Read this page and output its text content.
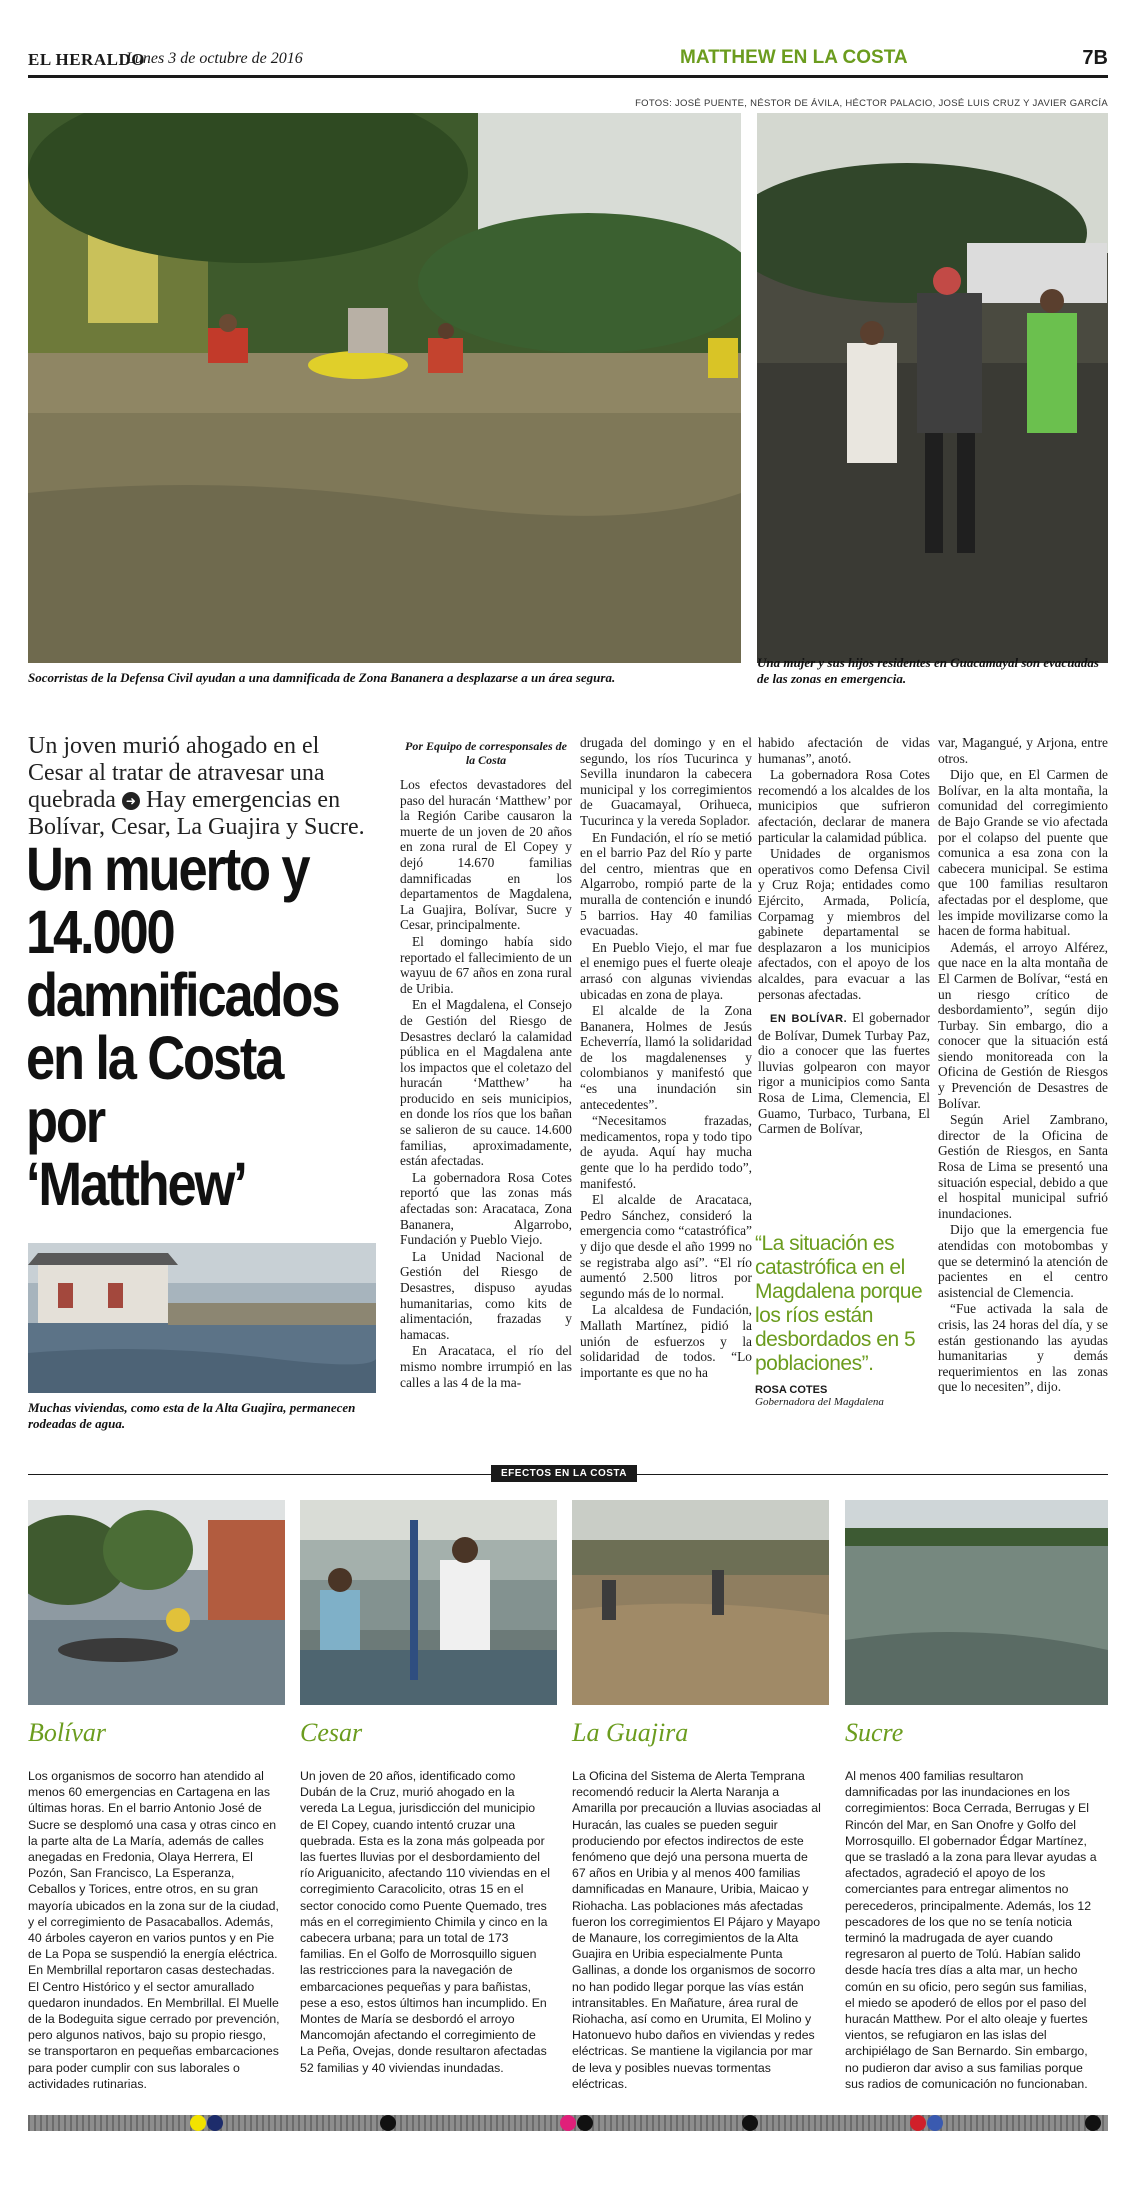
EL HERALDO
Lunes 3 de octubre de 2016	MATTHEW EN LA COSTA	7B
FOTOS: JOSÉ PUENTE, NÉSTOR DE ÁVILA, HÉCTOR PALACIO, JOSÉ LUIS CRUZ Y JAVIER GARCÍA
Socorristas de la Defensa Civil ayudan a una damnificada de Zona Bananera a desplazarse a un área segura.
Una mujer y sus hijos residentes en Guacamayal son evacuadas de las zonas en emergencia.
Un joven murió ahogado en el Cesar al tratar de atravesar una quebrada ➜ Hay emergencias en Bolívar, Cesar, La Guajira y Sucre.
Un muerto y 14.000 damnificados en la Costa por ‘Matthew’
Muchas viviendas, como esta de la Alta Guajira, permanecen rodeadas de agua.
Por Equipo de corresponsales de la Costa

Los efectos devastadores del paso del huracán ‘Matthew’ por la Región Caribe causaron la muerte de un joven de 20 años en zona rural de El Copey y dejó 14.670 familias damnificadas en los departamentos de Magdalena, La Guajira, Bolívar, Sucre y Cesar, principalmente.

El domingo había sido reportado el fallecimiento de un wayuu de 67 años en zona rural de Uribia.

En el Magdalena, el Consejo de Gestión del Riesgo de Desastres declaró la calamidad pública en el Magdalena ante los impactos que el coletazo del huracán ‘Matthew’ ha producido en seis municipios, en donde los ríos que los bañan se salieron de su cauce. 14.600 familias, aproximadamente, están afectadas.

La gobernadora Rosa Cotes reportó que las zonas más afectadas son: Aracataca, Zona Bananera, Algarrobo, Fundación y Pueblo Viejo.

La Unidad Nacional de Gestión del Riesgo de Desastres, dispuso ayudas humanitarias, como kits de alimentación, frazadas y hamacas.

En Aracataca, el río del mismo nombre irrumpió en las calles a las 4 de la ma-

drugada del domingo y en el segundo, los ríos Tucurinca y Sevilla inundaron la cabecera municipal y los corregimientos de Guacamayal, Orihueca, Tucurinca y la vereda Soplador.

En Fundación, el río se metió en el barrio Paz del Río y parte del centro, mientras que en Algarrobo, rompió parte de la muralla de contención e inundó 5 barrios. Hay 40 familias evacuadas.

En Pueblo Viejo, el mar fue el enemigo pues el fuerte oleaje arrasó con algunas viviendas ubicadas en zona de playa.

El alcalde de la Zona Bananera, Holmes de Jesús Echeverría, llamó la solidaridad de los magdalenenses y colombianos y manifestó que “es una inundación sin antecedentes”.

“Necesitamos frazadas, medicamentos, ropa y todo tipo de ayuda. Aquí hay mucha gente que lo ha perdido todo”, manifestó.

El alcalde de Aracataca, Pedro Sánchez, consideró la emergencia como “catastrófica” y dijo que desde el año 1999 no se registraba algo así”. “El río aumentó 2.500 litros por segundo más de lo normal.

La alcaldesa de Fundación, Mallath Martínez, pidió la unión de esfuerzos y la solidaridad de todos. “Lo importante es que no ha

habido afectación de vidas humanas”, anotó.

La gobernadora Rosa Cotes recomendó a los alcaldes de los municipios que sufrieron afectación, declarar de manera particular la calamidad pública.

Unidades de organismos operativos como Defensa Civil y Cruz Roja; entidades como Ejército, Armada, Policía, Corpamag y miembros del gabinete departamental se desplazaron a los municipios afectados, con el apoyo de los alcaldes, para evacuar a las personas afectadas.

EN BOLÍVAR. El gobernador de Bolívar, Dumek Turbay Paz, dio a conocer que las fuertes lluvias golpearon con mayor rigor a municipios como Santa Rosa de Lima, Clemencia, El Guamo, Turbaco, Turbana, El Carmen de Bolívar,

“La situación es catastrófica en el Magdalena porque los ríos están desbordados en 5 poblaciones”.
ROSA COTES
Gobernadora del Magdalena

var, Magangué, y Arjona, entre otros.

Dijo que, en El Carmen de Bolívar, en la alta montaña, la comunidad del corregimiento de Bajo Grande se vio afectada por el colapso del puente que comunica a esa zona con la cabecera municipal. Se estima que 100 familias resultaron afectadas por el desplome, que les impide movilizarse como la hacen de forma habitual.

Además, el arroyo Alférez, que nace en la alta montaña de El Carmen de Bolívar, “está en un riesgo crítico de desbordamiento”, según dijo Turbay. Sin embargo, dio a conocer que la situación está siendo monitoreada con la Oficina de Gestión de Riesgos y Prevención de Desastres de Bolívar.

Según Ariel Zambrano, director de la Oficina de Gestión de Riesgos, en Santa Rosa de Lima se presentó una situación especial, debido a que el hospital municipal sufrió inundaciones.

Dijo que la emergencia fue atendidas con motobombas y que se determinó la atención de pacientes en el centro asistencial de Clemencia.

“Fue activada la sala de crisis, las 24 horas del día, y se están gestionando las ayudas humanitarias y demás requerimientos en las zonas que lo necesiten”, dijo.

EFECTOS EN LA COSTA
Bolívar	Cesar	La Guajira	Sucre
Los organismos de socorro han atendido al menos 60 emergencias en Cartagena en las últimas horas. En el barrio Antonio José de Sucre se desplomó una casa y otras cinco en la parte alta de La María, además de calles anegadas en Fredonia, Olaya Herrera, El Pozón, San Francisco, La Esperanza, Ceballos y Torices, entre otros, en su gran mayoría ubicados en la zona sur de la ciudad, y el corregimiento de Pasacaballos. Además, 40 árboles cayeron en varios puntos y en Pie de La Popa se suspendió la energía eléctrica. En Membrillal reportaron casas destechadas. El Centro Histórico y el sector amurallado quedaron inundados. En Membrillal. El Muelle de la Bodeguita sigue cerrado por prevención, pero algunos nativos, bajo su propio riesgo, se transportaron en pequeñas embarcaciones para poder cumplir con sus laborales o actividades rutinarias.
Un joven de 20 años, identificado como Dubán de la Cruz, murió ahogado en la vereda La Legua, jurisdicción del municipio de El Copey, cuando intentó cruzar una quebrada. Esta es la zona más golpeada por las fuertes lluvias por el desbordamiento del río Ariguanicito, afectando 110 viviendas en el corregimiento Caracolicito, otras 15 en el sector conocido como Puente Quemado, tres más en el corregimiento Chimila y cinco en la cabecera urbana; para un total de 173 familias. En el Golfo de Morrosquillo siguen las restricciones para la navegación de embarcaciones pequeñas y para bañistas, pese a eso, estos últimos han incumplido. En Montes de María se desbordó el arroyo Mancomoján afectando el corregimiento de La Peña, Ovejas, donde resultaron afectadas 52 familias y 40 viviendas inundadas.
La Oficina del Sistema de Alerta Temprana recomendó reducir la Alerta Naranja a Amarilla por precaución a lluvias asociadas al Huracán, las cuales se pueden seguir produciendo por efectos indirectos de este fenómeno que dejó una persona muerta de 67 años en Uribia y al menos 400 familias damnificadas en Manaure, Uribia, Maicao y Riohacha. Las poblaciones más afectadas fueron los corregimientos El Pájaro y Mayapo de Manaure, los corregimientos de la Alta Guajira en Uribia especialmente Punta Gallinas, a donde los organismos de socorro no han podido llegar porque las vías están intransitables. En Mañature, área rural de Riohacha, así como en Urumita, El Molino y Hatonuevo hubo daños en viviendas y redes eléctricas. Se mantiene la vigilancia por mar de leva y posibles nuevas tormentas eléctricas.
Al menos 400 familias resultaron damnificadas por las inundaciones en los corregimientos: Boca Cerrada, Berrugas y El Rincón del Mar, en San Onofre y Golfo del Morrosquillo. El gobernador Édgar Martínez, que se trasladó a la zona para llevar ayudas a afectados, agradeció el apoyo de los comerciantes para entregar alimentos no perecederos, principalmente. Además, los 12 pescadores de los que no se tenía noticia terminó la madrugada de ayer cuando regresaron al puerto de Tolú. Habían salido desde hacía tres días a alta mar, un hecho común en su oficio, pero según sus familias, el miedo se apoderó de ellos por el paso del huracán Matthew. Por el alto oleaje y fuertes vientos, se refugiaron en las islas del archipiélago de San Bernardo. Sin embargo, no pudieron dar aviso a sus familias porque sus radios de comunicación no funcionaban.
